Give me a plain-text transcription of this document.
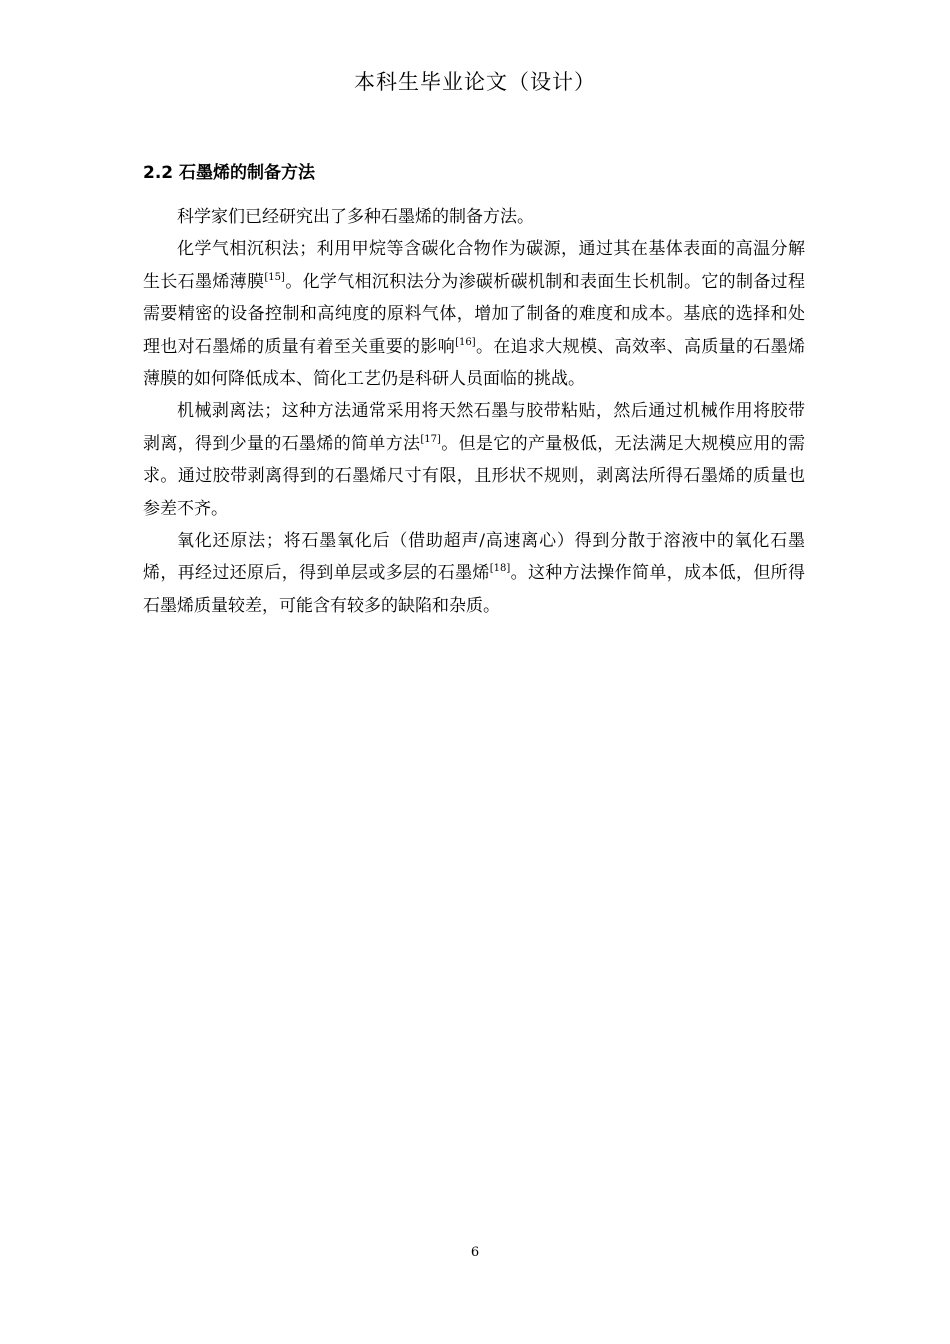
本科生毕业论文（设计）
2.2 石墨烯的制备方法

科学家们已经研究出了多种石墨烯的制备方法。

化学气相沉积法；利用甲烷等含碳化合物作为碳源，通过其在基体表面的高温分解生长石墨烯薄膜[15]。化学气相沉积法分为渗碳析碳机制和表面生长机制。它的制备过程需要精密的设备控制和高纯度的原料气体，增加了制备的难度和成本。基底的选择和处理也对石墨烯的质量有着至关重要的影响[16]。在追求大规模、高效率、高质量的石墨烯薄膜的如何降低成本、简化工艺仍是科研人员面临的挑战。

机械剥离法；这种方法通常采用将天然石墨与胶带粘贴，然后通过机械作用将胶带剥离，得到少量的石墨烯的简单方法[17]。但是它的产量极低，无法满足大规模应用的需求。通过胶带剥离得到的石墨烯尺寸有限，且形状不规则，剥离法所得石墨烯的质量也参差不齐。

氧化还原法；将石墨氧化后（借助超声/高速离心）得到分散于溶液中的氧化石墨烯，再经过还原后，得到单层或多层的石墨烯[18]。这种方法操作简单，成本低，但所得石墨烯质量较差，可能含有较多的缺陷和杂质。

6
